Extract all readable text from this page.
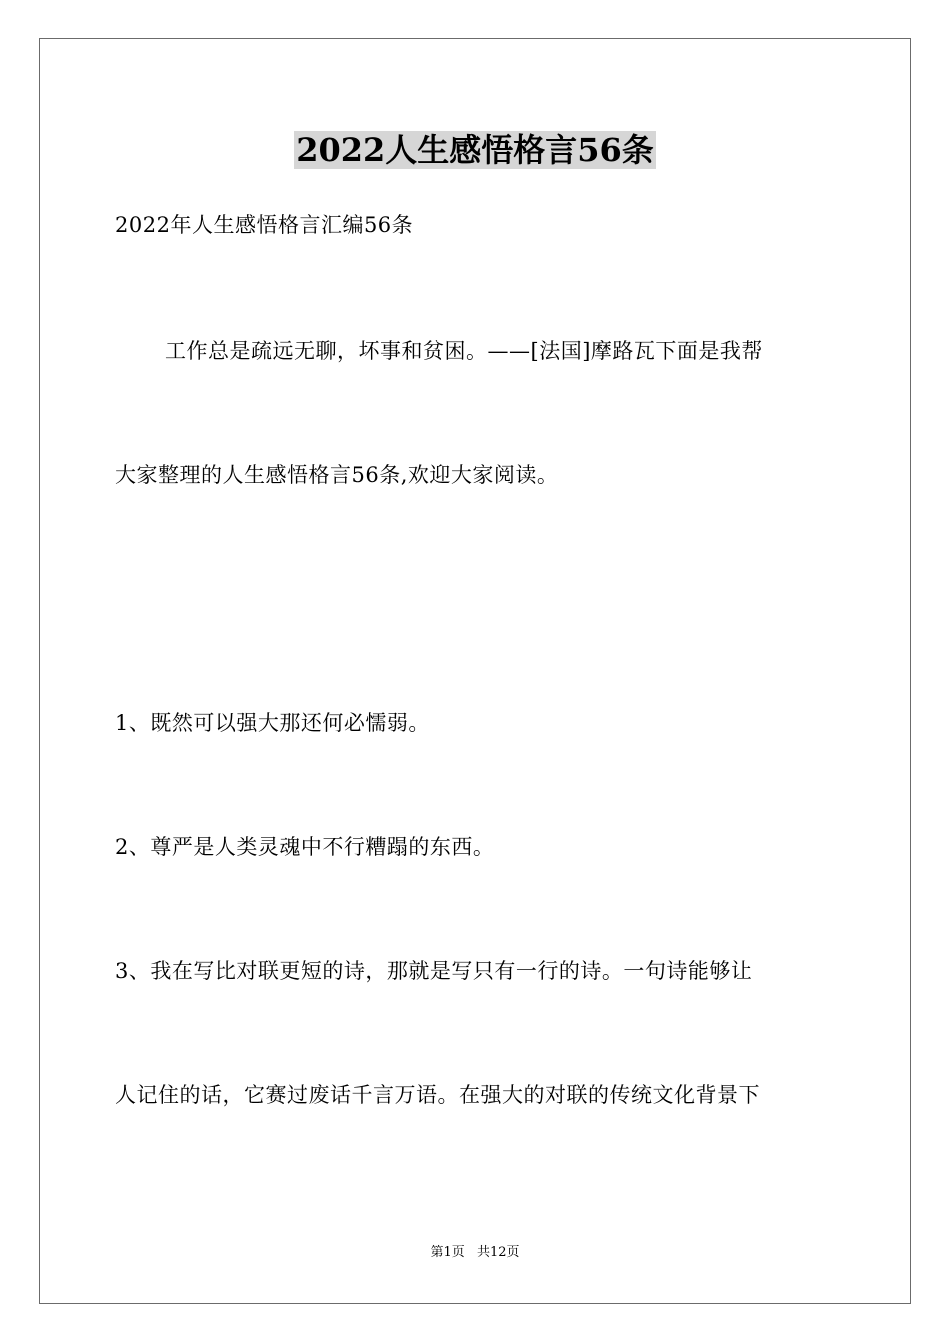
2022人生感悟格言56条
2022年人生感悟格言汇编56条
工作总是疏远无聊，坏事和贫困。——[法国]摩路瓦下面是我帮
大家整理的人生感悟格言56条,欢迎大家阅读。
1、既然可以强大那还何必懦弱。
2、尊严是人类灵魂中不行糟蹋的东西。
3、我在写比对联更短的诗，那就是写只有一行的诗。一句诗能够让
人记住的话，它赛过废话千言万语。在强大的对联的传统文化背景下
第1页 共12页
